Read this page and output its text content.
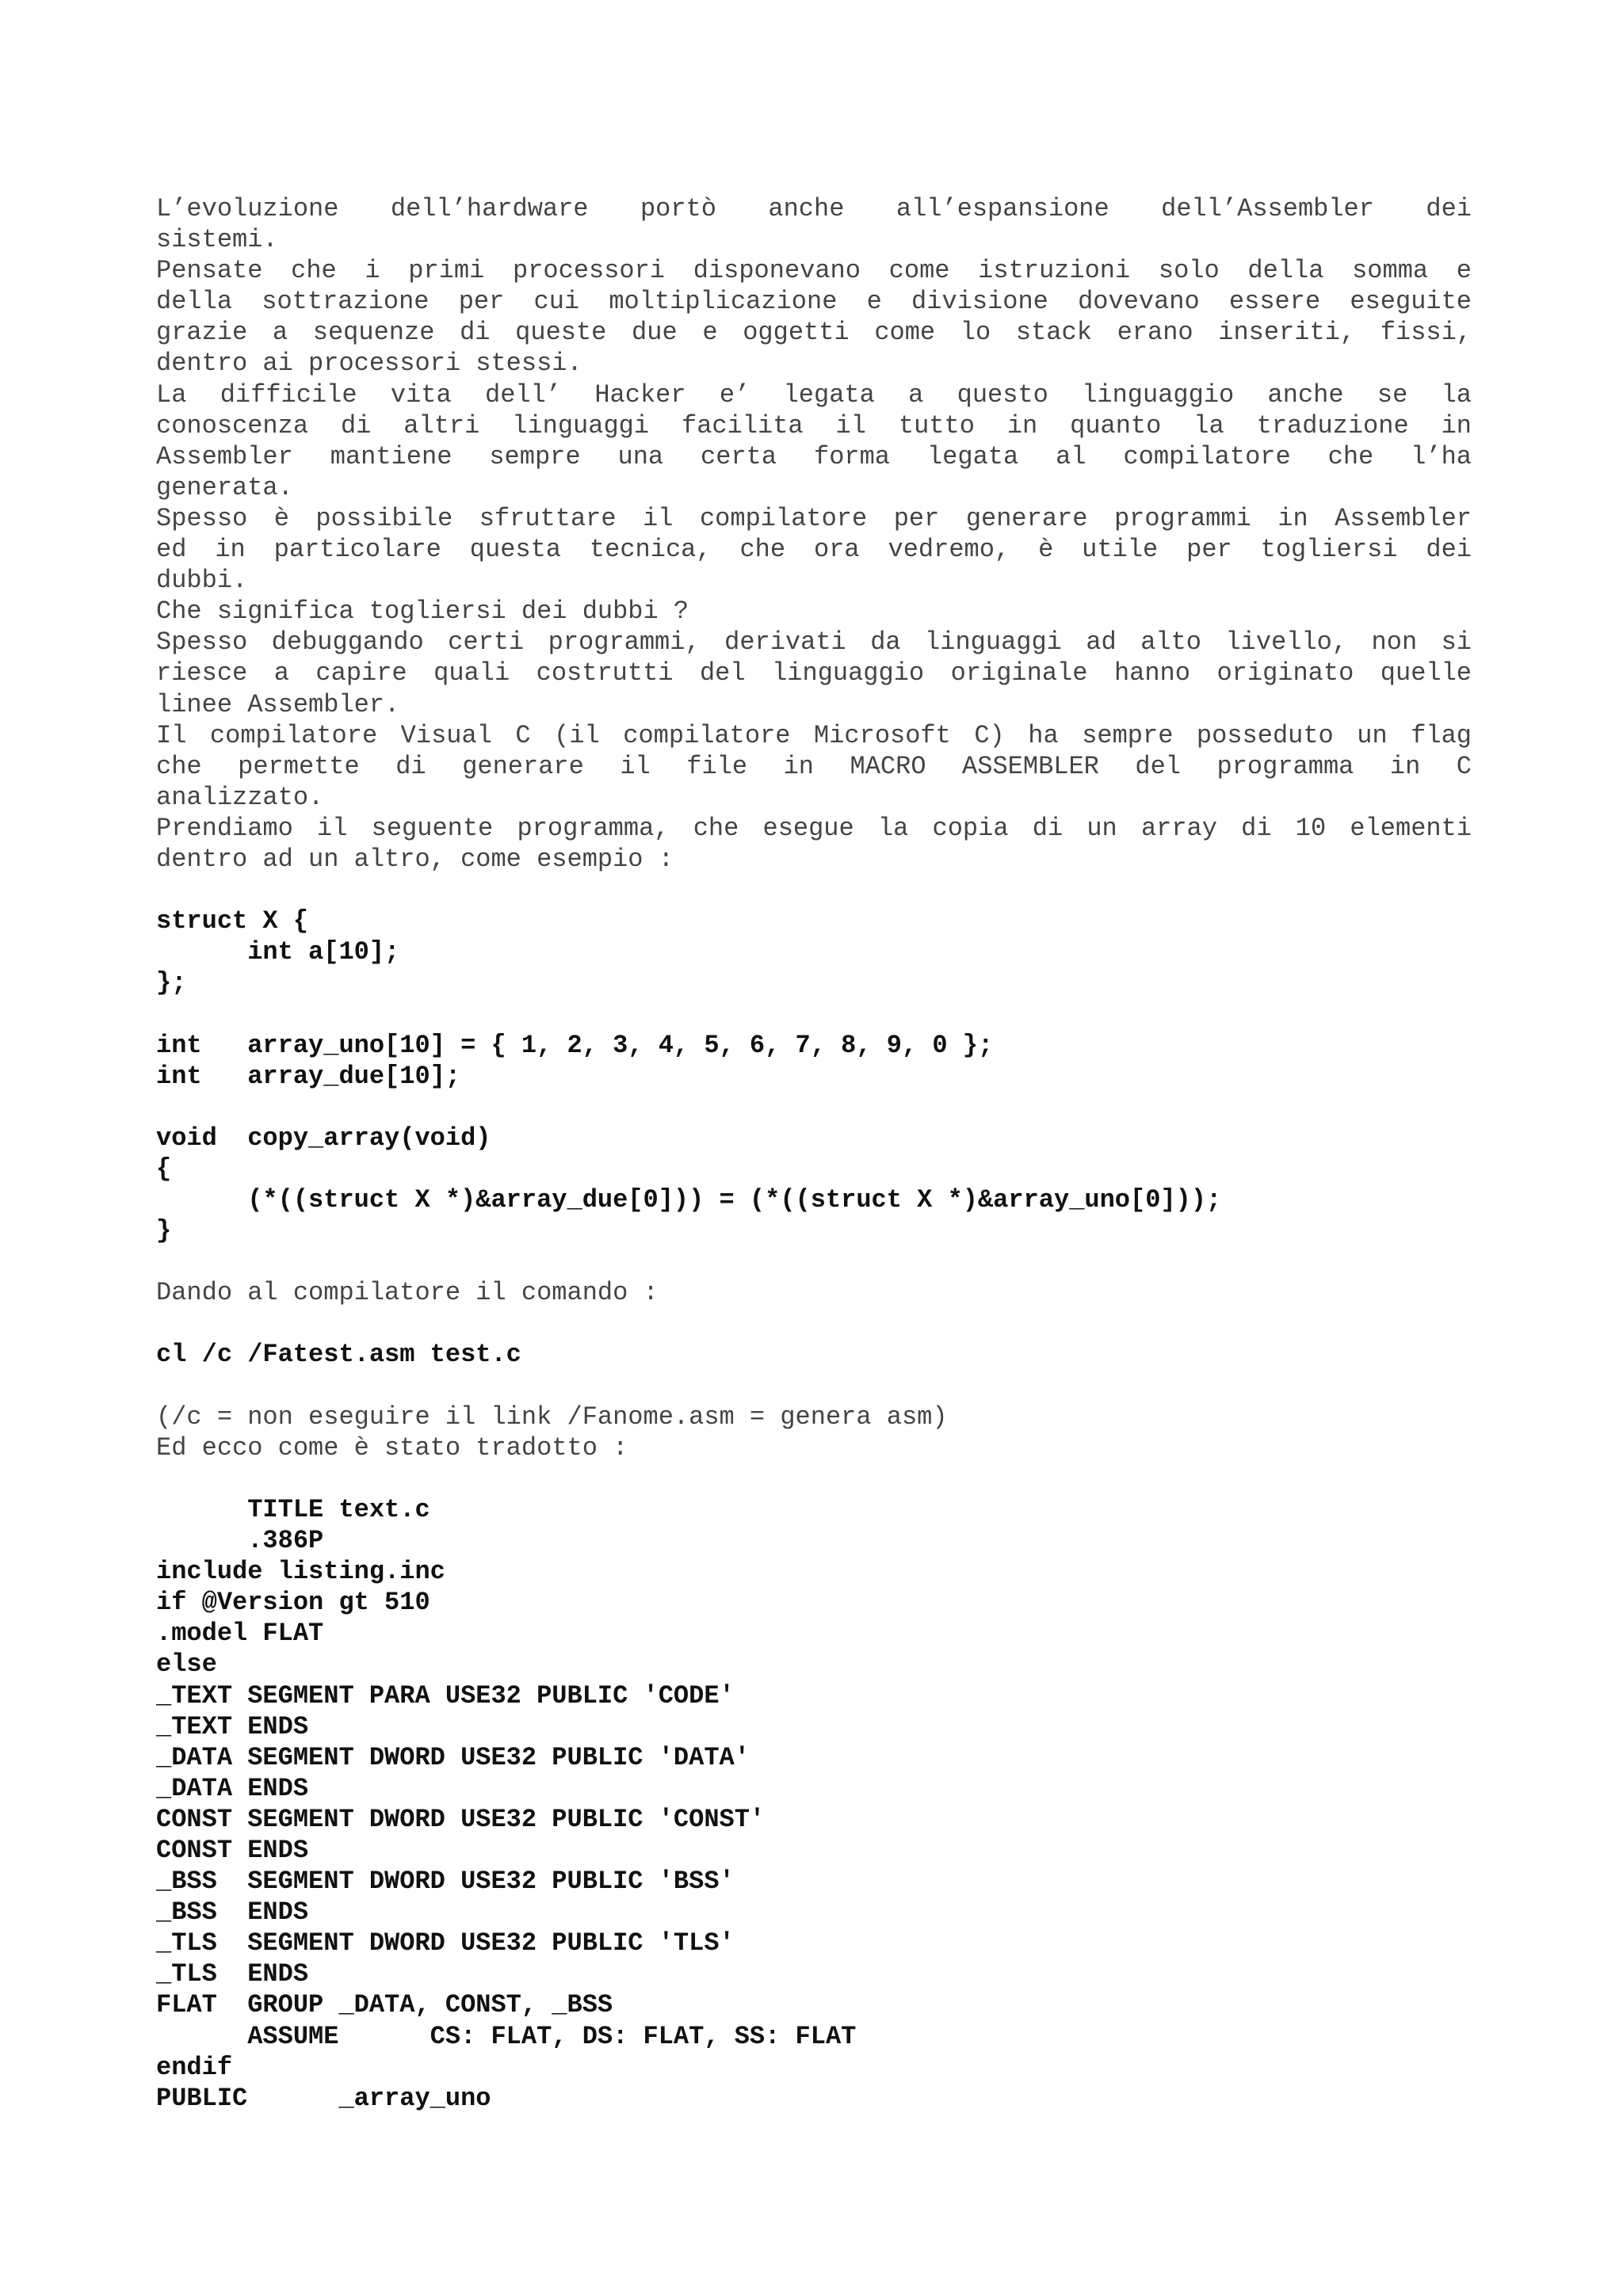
L’evoluzione dell’hardware portò anche all’espansione dell’Assembler dei
sistemi.
Pensate che i primi processori disponevano come istruzioni solo della somma e
della sottrazione per cui moltiplicazione e divisione dovevano essere eseguite
grazie a sequenze di queste due e oggetti come lo stack erano inseriti, fissi,
dentro ai processori stessi.
La difficile vita dell’ Hacker e’ legata a questo linguaggio anche se la
conoscenza di altri linguaggi facilita il tutto in quanto la traduzione in
Assembler mantiene sempre una certa forma legata al compilatore che l’ha
generata.
Spesso è possibile sfruttare il compilatore per generare programmi in Assembler
ed in particolare questa tecnica, che ora vedremo, è utile per togliersi dei
dubbi.
Che significa togliersi dei dubbi ?
Spesso debuggando certi programmi, derivati da linguaggi ad alto livello, non si
riesce a capire quali costrutti del linguaggio originale hanno originato quelle
linee Assembler.
Il compilatore Visual C (il compilatore Microsoft C) ha sempre posseduto un flag
che permette di generare il file in MACRO ASSEMBLER del programma in C
analizzato.
Prendiamo il seguente programma, che esegue la copia di un array di 10 elementi
dentro ad un altro, come esempio :
struct X {
int a[10];
};
int   array_uno[10] = { 1, 2, 3, 4, 5, 6, 7, 8, 9, 0 };
int   array_due[10];
void  copy_array(void)
{
(*((struct X *)&array_due[0])) = (*((struct X *)&array_uno[0]));
}
Dando al compilatore il comando :
cl /c /Fatest.asm test.c
(/c = non eseguire il link /Fanome.asm = genera asm)
Ed ecco come è stato tradotto :
TITLE text.c
.386P
include listing.inc
if @Version gt 510
.model FLAT
else
_TEXT SEGMENT PARA USE32 PUBLIC 'CODE'
_TEXT ENDS
_DATA SEGMENT DWORD USE32 PUBLIC 'DATA'
_DATA ENDS
CONST SEGMENT DWORD USE32 PUBLIC 'CONST'
CONST ENDS
_BSS  SEGMENT DWORD USE32 PUBLIC 'BSS'
_BSS  ENDS
_TLS  SEGMENT DWORD USE32 PUBLIC 'TLS'
_TLS  ENDS
FLAT  GROUP _DATA, CONST, _BSS
ASSUME      CS: FLAT, DS: FLAT, SS: FLAT
endif
PUBLIC      _array_uno
